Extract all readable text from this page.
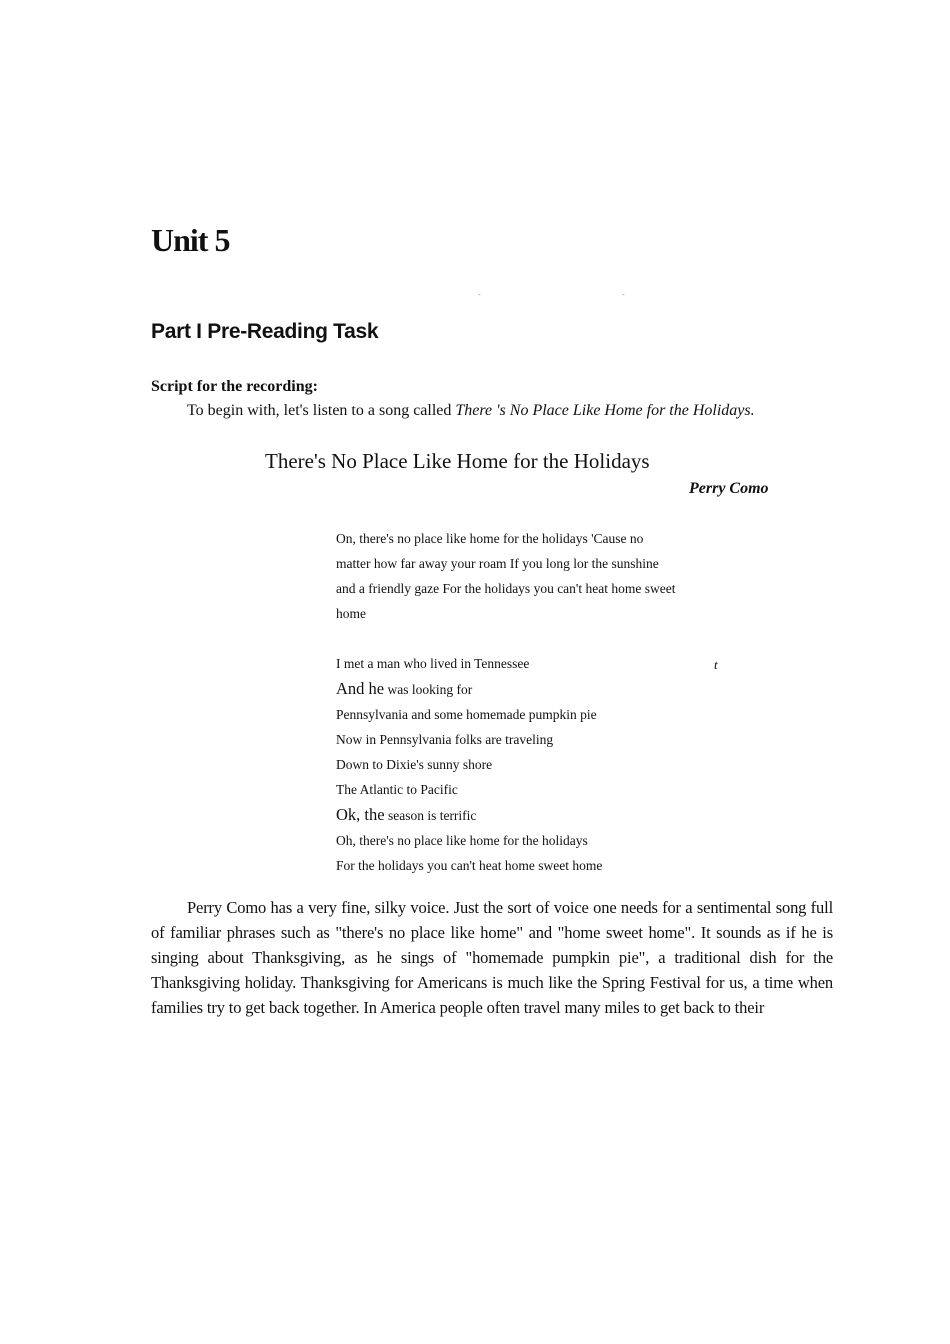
Unit 5
-	-
Part I Pre-Reading Task
Script for the recording:
To begin with, let's listen to a song called There 's No Place Like Home for the Holidays.
There's No Place Like Home for the Holidays
Perry Como
On, there's no place like home for the holidays 'Cause no
matter how far away your roam If you long lor the sunshine
and a friendly gaze For the holidays you can't heat home sweet
home
I met a man who lived in Tennessee	t
And he was looking for
Pennsylvania and some homemade pumpkin pie
Now in Pennsylvania folks are traveling
Down to Dixie's sunny shore
The Atlantic to Pacific
Ok, the season is terrific
Oh, there's no place like home for the holidays
For the holidays you can't heat home sweet home
Perry Como has a very fine, silky voice. Just the sort of voice one needs for a sentimental song full of familiar phrases such as "there's no place like home" and "home sweet home". It sounds as if he is singing about Thanksgiving, as he sings of "homemade pumpkin pie", a traditional dish for the Thanksgiving holiday. Thanksgiving for Americans is much like the Spring Festival for us, a time when families try to get back together. In America people often travel many miles to get back to their
